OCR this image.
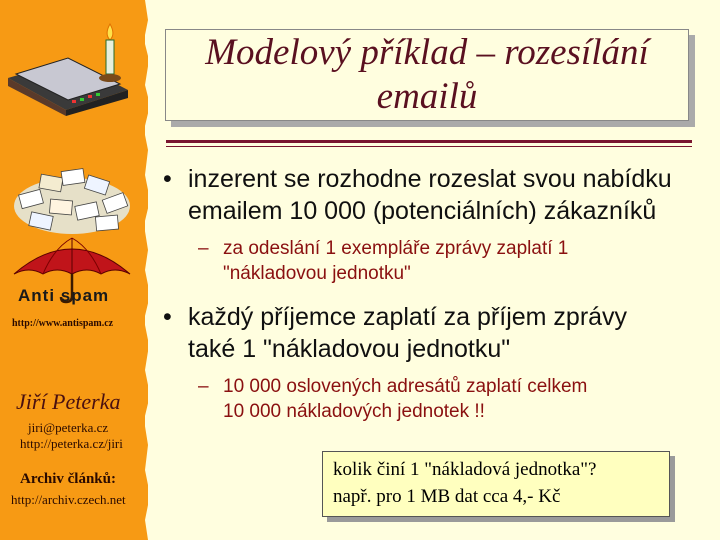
Anti spam
http://www.antispam.cz
Jiří Peterka
jiri@peterka.cz
http://peterka.cz/jiri
Archiv článků:
http://archiv.czech.net
Modelový příklad – rozesílání
emailů
• inzerent se rozhodne rozeslat svou nabídku
emailem 10 000 (potenciálních) zákazníků
– za odeslání 1 exempláře zprávy zaplatí 1
"nákladovou jednotku"
• každý příjemce zaplatí za příjem zprávy
také 1 "nákladovou jednotku"
– 10 000 oslovených adresátů zaplatí celkem
10 000 nákladových jednotek !!
kolik činí 1 "nákladová jednotka"?
např. pro 1 MB dat cca 4,- Kč
